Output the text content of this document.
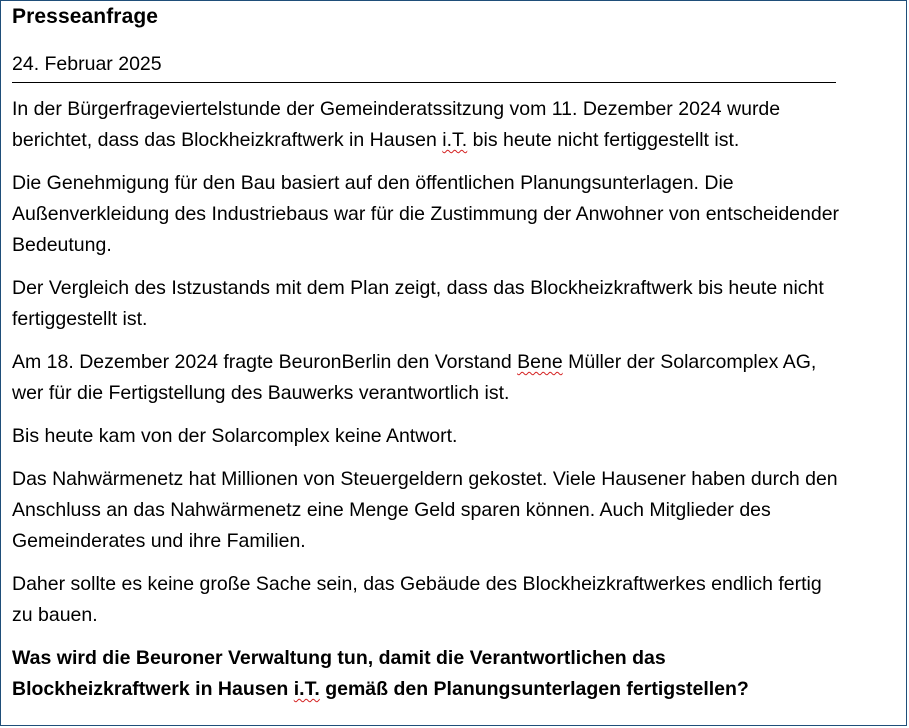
Presseanfrage
24. Februar 2025

In der Bürgerfrageviertelstunde der Gemeinderatssitzung vom 11. Dezember 2024 wurde berichtet, dass das Blockheizkraftwerk in Hausen i.T. bis heute nicht fertiggestellt ist.

Die Genehmigung für den Bau basiert auf den öffentlichen Planungsunterlagen. Die Außenverkleidung des Industriebaus war für die Zustimmung der Anwohner von entscheidender Bedeutung.

Der Vergleich des Istzustands mit dem Plan zeigt, dass das Blockheizkraftwerk bis heute nicht fertiggestellt ist.

Am 18. Dezember 2024 fragte BeuronBerlin den Vorstand Bene Müller der Solarcomplex AG, wer für die Fertigstellung des Bauwerks verantwortlich ist.

Bis heute kam von der Solarcomplex keine Antwort.

Das Nahwärmenetz hat Millionen von Steuergeldern gekostet. Viele Hausener haben durch den Anschluss an das Nahwärmenetz eine Menge Geld sparen können. Auch Mitglieder des Gemeinderates und ihre Familien.

Daher sollte es keine große Sache sein, das Gebäude des Blockheizkraftwerkes endlich fertig zu bauen.

Was wird die Beuroner Verwaltung tun, damit die Verantwortlichen das Blockheizkraftwerk in Hausen i.T. gemäß den Planungsunterlagen fertigstellen?
